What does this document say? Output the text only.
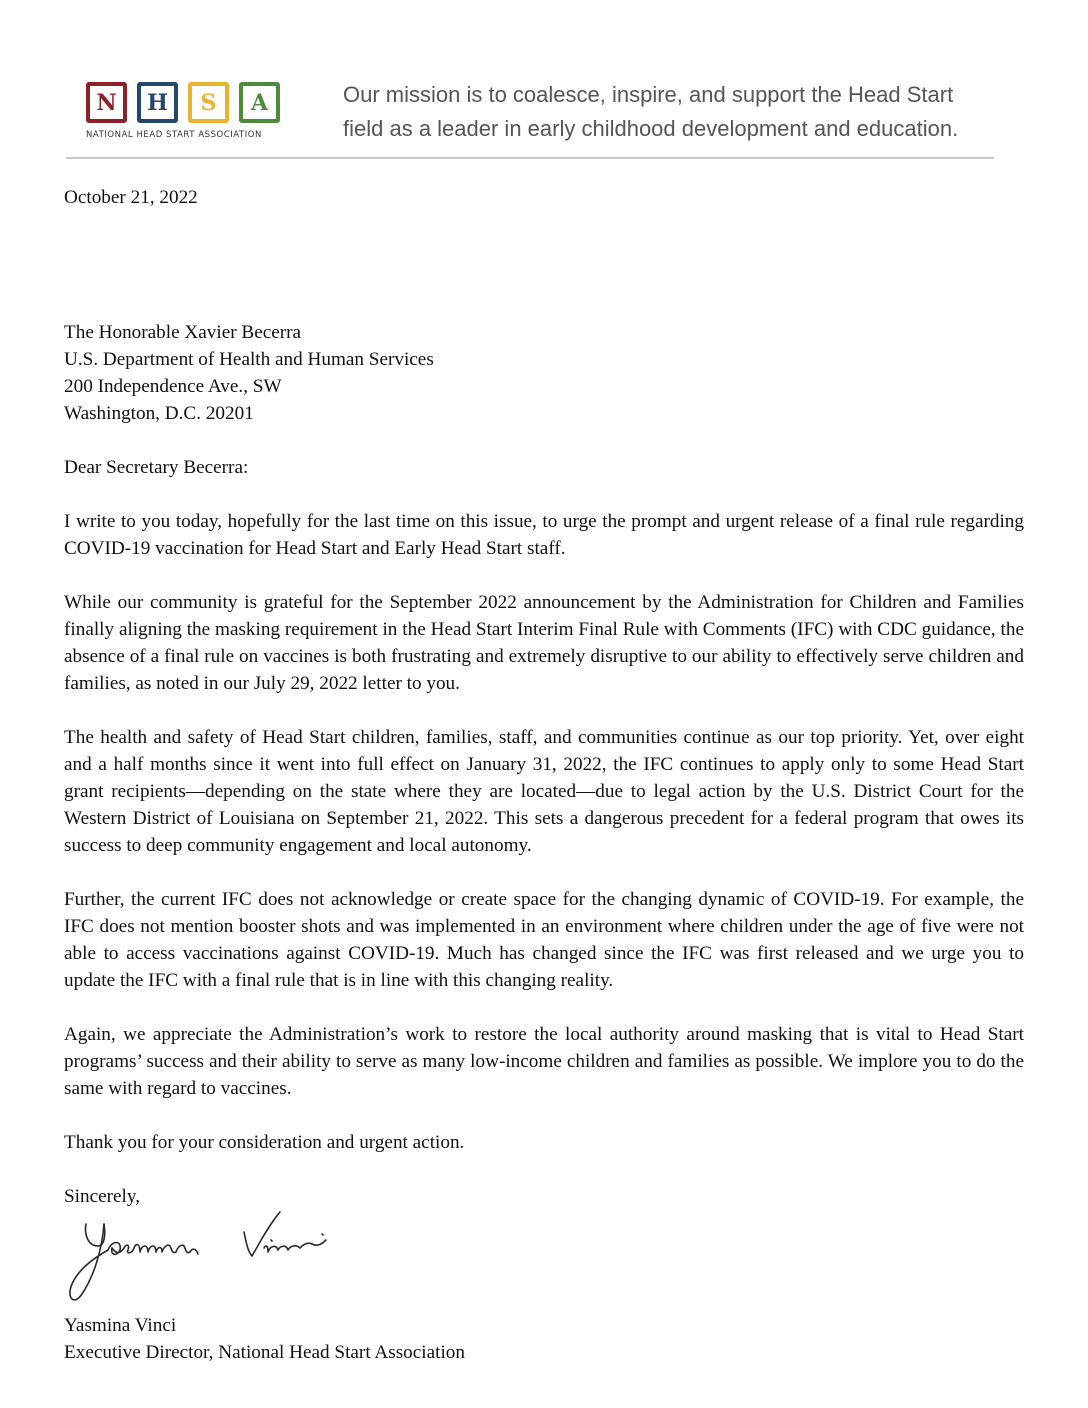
N H S A
NATIONAL HEAD START ASSOCIATION
Our mission is to coalesce, inspire, and support the Head Start
field as a leader in early childhood development and education.

October 21, 2022

The Honorable Xavier Becerra
U.S. Department of Health and Human Services
200 Independence Ave., SW
Washington, D.C. 20201

Dear Secretary Becerra:

I write to you today, hopefully for the last time on this issue, to urge the prompt and urgent release of a final rule regarding COVID-19 vaccination for Head Start and Early Head Start staff.

While our community is grateful for the September 2022 announcement by the Administration for Children and Families finally aligning the masking requirement in the Head Start Interim Final Rule with Comments (IFC) with CDC guidance, the absence of a final rule on vaccines is both frustrating and extremely disruptive to our ability to effectively serve children and families, as noted in our July 29, 2022 letter to you.

The health and safety of Head Start children, families, staff, and communities continue as our top priority. Yet, over eight and a half months since it went into full effect on January 31, 2022, the IFC continues to apply only to some Head Start grant recipients—depending on the state where they are located—due to legal action by the U.S. District Court for the Western District of Louisiana on September 21, 2022. This sets a dangerous precedent for a federal program that owes its success to deep community engagement and local autonomy.

Further, the current IFC does not acknowledge or create space for the changing dynamic of COVID-19. For example, the IFC does not mention booster shots and was implemented in an environment where children under the age of five were not able to access vaccinations against COVID-19. Much has changed since the IFC was first released and we urge you to update the IFC with a final rule that is in line with this changing reality.

Again, we appreciate the Administration’s work to restore the local authority around masking that is vital to Head Start programs’ success and their ability to serve as many low-income children and families as possible. We implore you to do the same with regard to vaccines.

Thank you for your consideration and urgent action.

Sincerely,

Yasmina Vinci

Executive Director, National Head Start Association
